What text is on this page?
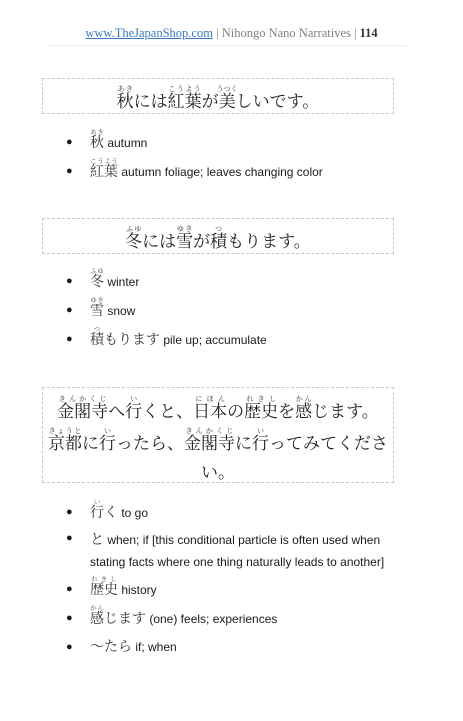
www.TheJapanShop.com | Nihongo Nano Narratives | 114
秋あきには紅葉こうようが美うつくしいです。
● 秋あき autumn
● 紅葉こうよう autumn foliage; leaves changing color
冬ふゆには雪ゆきが積つもります。
● 冬ふゆ winter
● 雪ゆき snow
● 積つもります pile up; accumulate
金閣寺きんかくじへ行いくと、日本にほんの歴史れきしを感かんじます。
京都きょうとに行いったら、金閣寺きんかくじに行いってみてくださ
い。
● 行いく to go
● と when; if [this conditional particle is often used when stating facts where one thing naturally leads to another]
● 歴史れきし history
● 感かんじます (one) feels; experiences
● ～たら if; when
